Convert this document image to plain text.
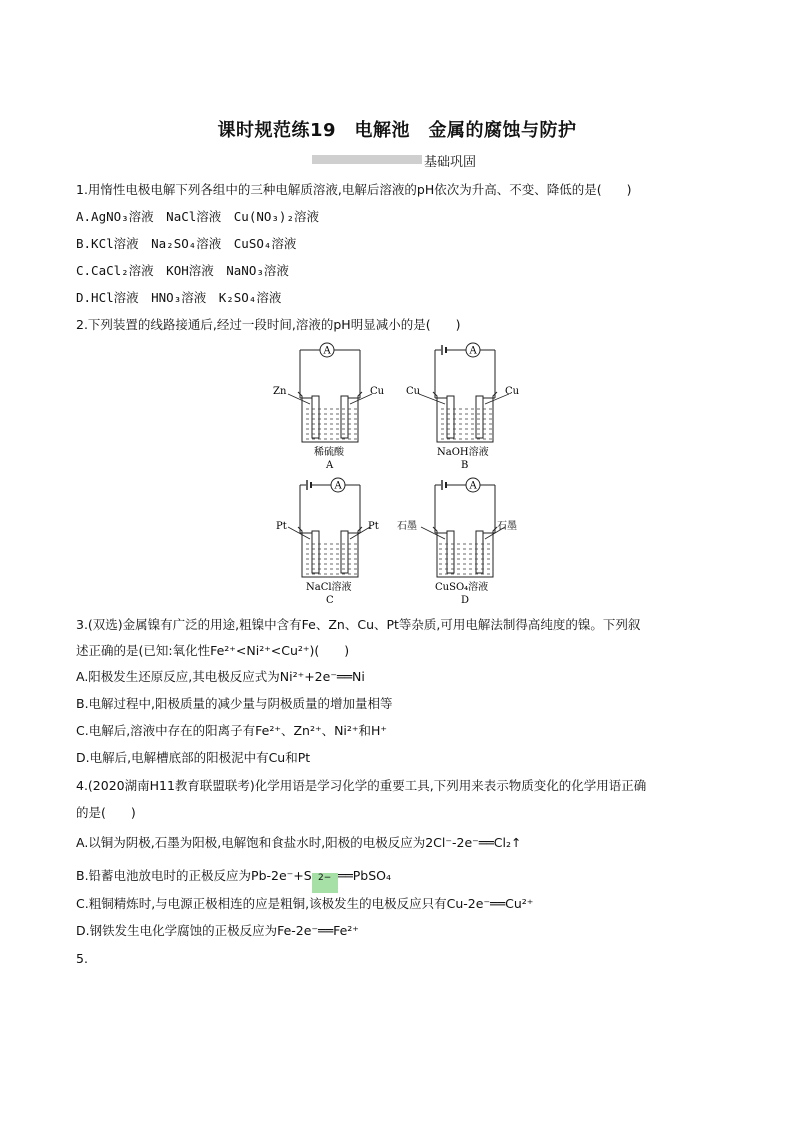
课时规范练19　电解池　金属的腐蚀与防护
基础巩固
1.用惰性电极电解下列各组中的三种电解质溶液,电解后溶液的pH依次为升高、不变、降低的是(　　)
A.AgNO₃溶液　NaCl溶液　Cu(NO₃)₂溶液
B.KCl溶液　Na₂SO₄溶液　CuSO₄溶液
C.CaCl₂溶液　KOH溶液　NaNO₃溶液
D.HCl溶液　HNO₃溶液　K₂SO₄溶液
2.下列装置的线路接通后,经过一段时间,溶液的pH明显减小的是(　　)
A
Zn	Cu
稀硫酸
A
A
Cu	Cu
NaOH溶液
B
A
Pt	Pt
NaCl溶液
C
A
石墨	石墨
CuSO₄溶液
D
3.(双选)金属镍有广泛的用途,粗镍中含有Fe、Zn、Cu、Pt等杂质,可用电解法制得高纯度的镍。下列叙
述正确的是(已知:氧化性Fe²⁺<Ni²⁺<Cu²⁺)(　　)
A.阳极发生还原反应,其电极反应式为Ni²⁺+2e⁻══Ni
B.电解过程中,阳极质量的减少量与阴极质量的增加量相等
C.电解后,溶液中存在的阳离子有Fe²⁺、Zn²⁺、Ni²⁺和H⁺
D.电解后,电解槽底部的阳极泥中有Cu和Pt
4.(2020湖南H11教育联盟联考)化学用语是学习化学的重要工具,下列用来表示物质变化的化学用语正确
的是(　　)
A.以铜为阴极,石墨为阳极,电解饱和食盐水时,阳极的电极反应为2Cl⁻-2e⁻══Cl₂↑
B.铅蓄电池放电时的正极反应为Pb-2e⁻+S 2− ══PbSO₄
C.粗铜精炼时,与电源正极相连的应是粗铜,该极发生的电极反应只有Cu-2e⁻══Cu²⁺
D.钢铁发生电化学腐蚀的正极反应为Fe-2e⁻══Fe²⁺
5.
